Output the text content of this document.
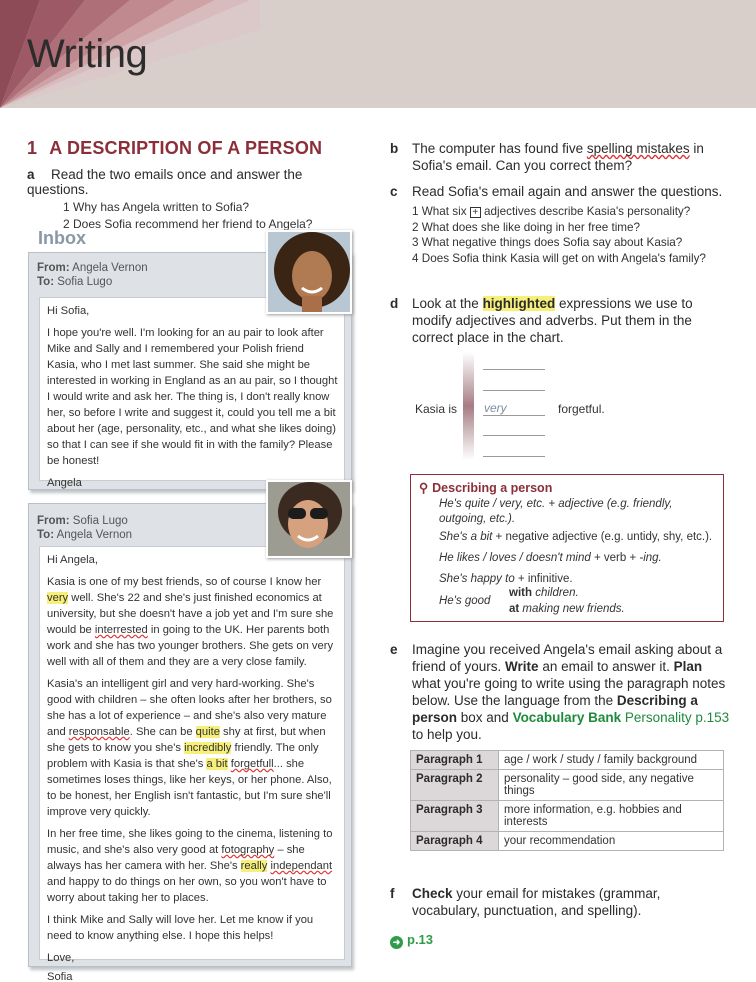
Writing
1 A DESCRIPTION OF A PERSON
a Read the two emails once and answer the questions.
1 Why has Angela written to Sofia?
2 Does Sofia recommend her friend to Angela?
Inbox
From: Angela Vernon
To: Sofia Lugo

Hi Sofia,

I hope you're well. I'm looking for an au pair to look after Mike and Sally and I remembered your Polish friend Kasia, who I met last summer. She said she might be interested in working in England as an au pair, so I thought I would write and ask her. The thing is, I don't really know her, so before I write and suggest it, could you tell me a bit about her (age, personality, etc., and what she likes doing) so that I can see if she would fit in with the family? Please be honest!

Angela

From: Sofia Lugo
To: Angela Vernon

Hi Angela,

Kasia is one of my best friends, so of course I know her very well. She's 22 and she's just finished economics at university, but she doesn't have a job yet and I'm sure she would be interrested in going to the UK. Her parents both work and she has two younger brothers. She gets on very well with all of them and they are a very close family.

Kasia's an intelligent girl and very hard-working. She's good with children – she often looks after her brothers, so she has a lot of experience – and she's also very mature and responsable. She can be quite shy at first, but when she gets to know you she's incredibly friendly. The only problem with Kasia is that she's a bit forgetfull... she sometimes loses things, like her keys, or her phone. Also, to be honest, her English isn't fantastic, but I'm sure she'll improve very quickly.

In her free time, she likes going to the cinema, listening to music, and she's also very good at fotography – she always has her camera with her. She's really independant and happy to do things on her own, so you won't have to worry about taking her to places.

I think Mike and Sally will love her. Let me know if you need to know anything else. I hope this helps!

Love,

Sofia

b The computer has found five spelling mistakes in Sofia's email. Can you correct them?
c Read Sofia's email again and answer the questions.
1 What six + adjectives describe Kasia's personality?
2 What does she like doing in her free time?
3 What negative things does Sofia say about Kasia?
4 Does Sofia think Kasia will get on with Angela's family?
d Look at the highlighted expressions we use to modify adjectives and adverbs. Put them in the correct place in the chart.
very
Kasia is	forgetful.
⚲ Describing a person
He's quite / very, etc. + adjective (e.g. friendly, outgoing, etc.).
She's a bit + negative adjective (e.g. untidy, shy, etc.).
He likes / loves / doesn't mind + verb + -ing.
She's happy to + infinitive.
He's good
with children.
at making new friends.
e Imagine you received Angela's email asking about a friend of yours. Write an email to answer it. Plan what you're going to write using the paragraph notes below. Use the language from the Describing a person box and Vocabulary Bank Personality p.153 to help you.
Paragraph 1	age / work / study / family background
Paragraph 2	personality – good side, any negative things
Paragraph 3	more information, e.g. hobbies and interests
Paragraph 4	your recommendation
f Check your email for mistakes (grammar, vocabulary, punctuation, and spelling).
➜ p.13
